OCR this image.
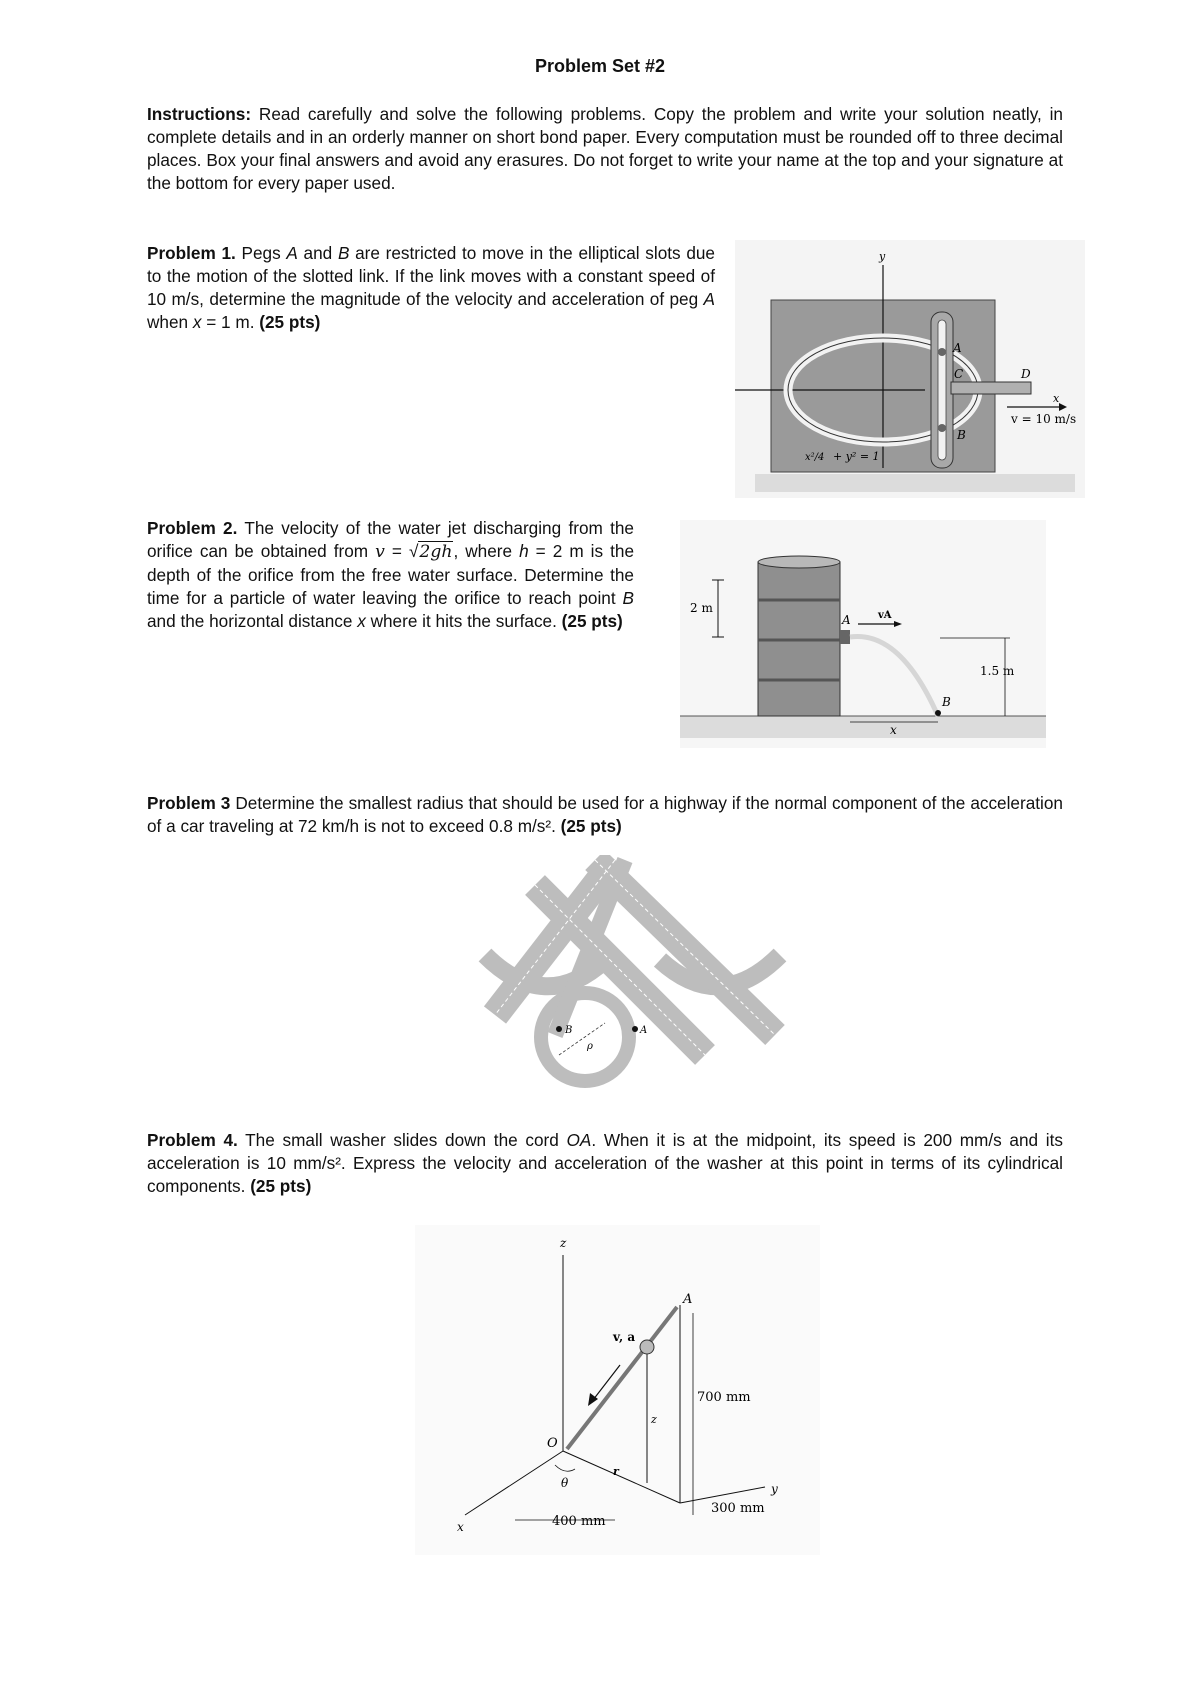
Problem Set #2
Instructions: Read carefully and solve the following problems. Copy the problem and write your solution neatly, in complete details and in an orderly manner on short bond paper. Every computation must be rounded off to three decimal places. Box your final answers and avoid any erasures. Do not forget to write your name at the top and your signature at the bottom for every paper used.
Problem 1. Pegs A and B are restricted to move in the elliptical slots due to the motion of the slotted link. If the link moves with a constant speed of 10 m/s, determine the magnitude of the velocity and acceleration of peg A when x = 1 m. (25 pts)
y
x
A
B
C	D
v = 10 m/s
x²/4 + y² = 1
Problem 2. The velocity of the water jet discharging from the orifice can be obtained from v = √2gh, where h = 2 m is the depth of the orifice from the free water surface. Determine the time for a particle of water leaving the orifice to reach point B and the horizontal distance x where it hits the surface. (25 pts)
2 m
A	vA
1.5 m
B
x
Problem 3 Determine the smallest radius that should be used for a highway if the normal component of the acceleration of a car traveling at 72 km/h is not to exceed 0.8 m/s². (25 pts)
B	A
ρ
Problem 4. The small washer slides down the cord OA. When it is at the midpoint, its speed is 200 mm/s and its acceleration is 10 mm/s². Express the velocity and acceleration of the washer at this point in terms of its cylindrical components. (25 pts)
z
A
v, a
O
700 mm
z
r
θ
300 mm
y
400 mm
x
